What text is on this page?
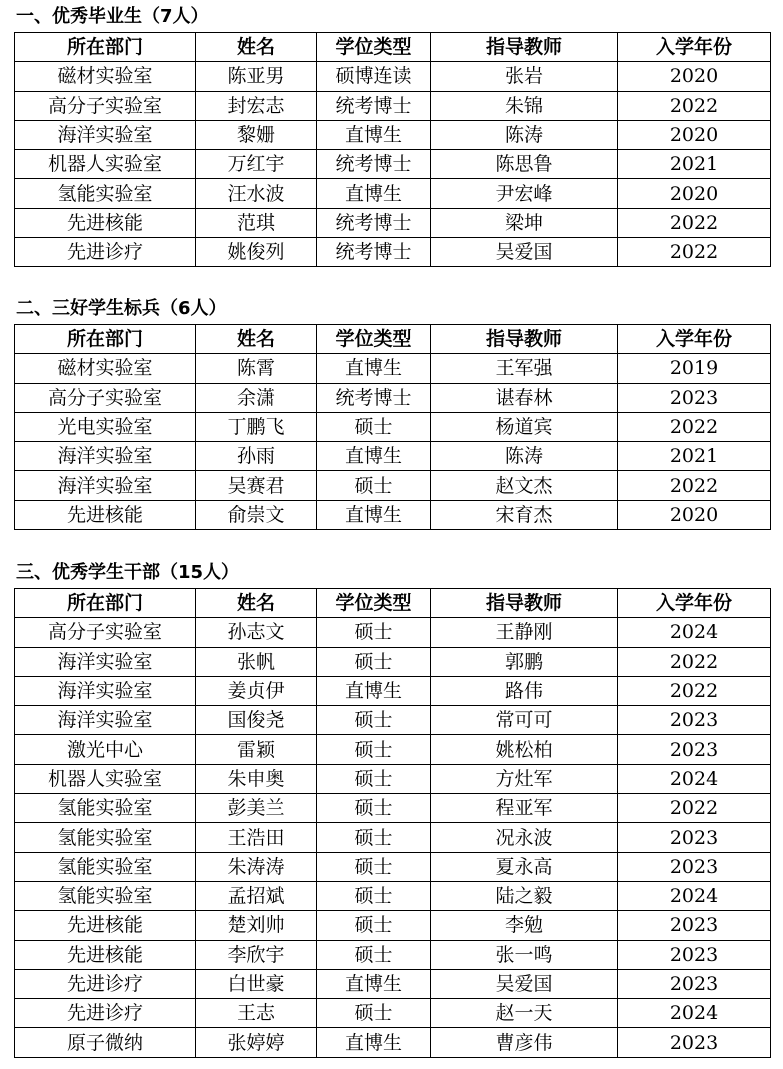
一、优秀毕业生（7人）
所在部门	姓名	学位类型	指导教师	入学年份
磁材实验室	陈亚男	硕博连读	张岩	2020
高分子实验室	封宏志	统考博士	朱锦	2022
海洋实验室	黎姗	直博生	陈涛	2020
机器人实验室	万红宇	统考博士	陈思鲁	2021
氢能实验室	汪水波	直博生	尹宏峰	2020
先进核能	范琪	统考博士	梁坤	2022
先进诊疗	姚俊列	统考博士	吴爱国	2022
二、三好学生标兵（6人）
所在部门	姓名	学位类型	指导教师	入学年份
磁材实验室	陈霄	直博生	王军强	2019
高分子实验室	余潇	统考博士	谌春林	2023
光电实验室	丁鹏飞	硕士	杨道宾	2022
海洋实验室	孙雨	直博生	陈涛	2021
海洋实验室	吴赛君	硕士	赵文杰	2022
先进核能	俞崇文	直博生	宋育杰	2020
三、优秀学生干部（15人）
所在部门	姓名	学位类型	指导教师	入学年份
高分子实验室	孙志文	硕士	王静刚	2024
海洋实验室	张帆	硕士	郭鹏	2022
海洋实验室	姜贞伊	直博生	路伟	2022
海洋实验室	国俊尧	硕士	常可可	2023
激光中心	雷颖	硕士	姚松柏	2023
机器人实验室	朱申奥	硕士	方灶军	2024
氢能实验室	彭美兰	硕士	程亚军	2022
氢能实验室	王浩田	硕士	况永波	2023
氢能实验室	朱涛涛	硕士	夏永高	2023
氢能实验室	孟招斌	硕士	陆之毅	2024
先进核能	楚刘帅	硕士	李勉	2023
先进核能	李欣宇	硕士	张一鸣	2023
先进诊疗	白世豪	直博生	吴爱国	2023
先进诊疗	王志	硕士	赵一天	2024
原子微纳	张婷婷	直博生	曹彦伟	2023
